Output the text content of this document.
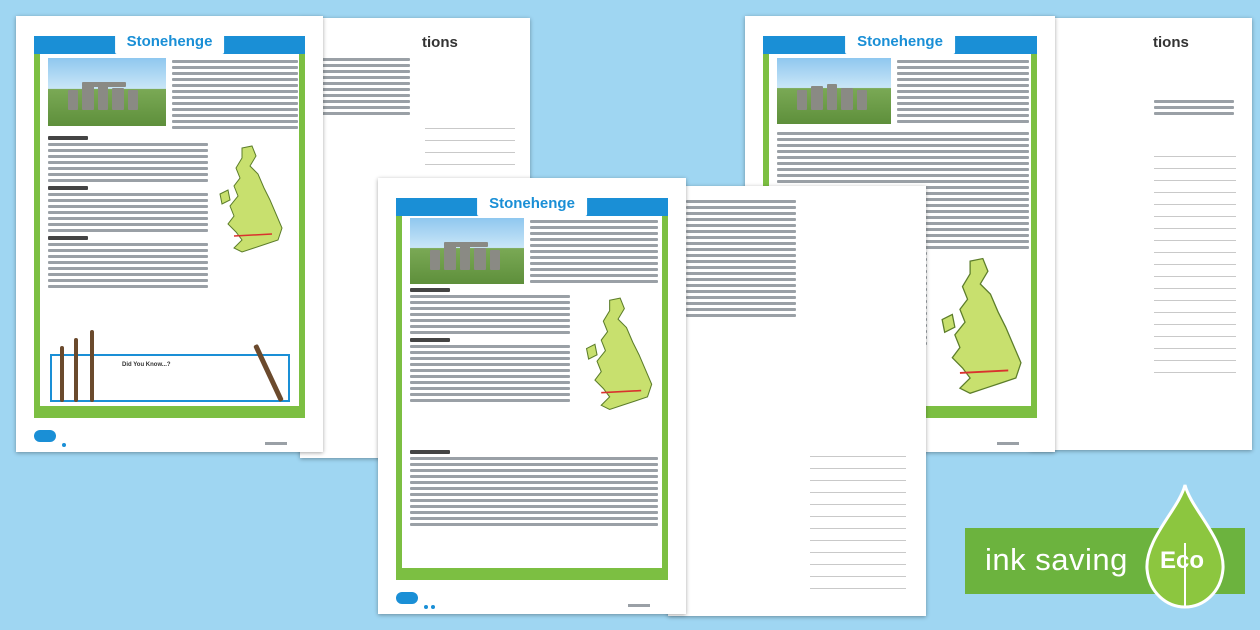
tions
Stonehenge
Did You Know...?
tions
Stonehenge
Stonehenge
ink saving Eco
